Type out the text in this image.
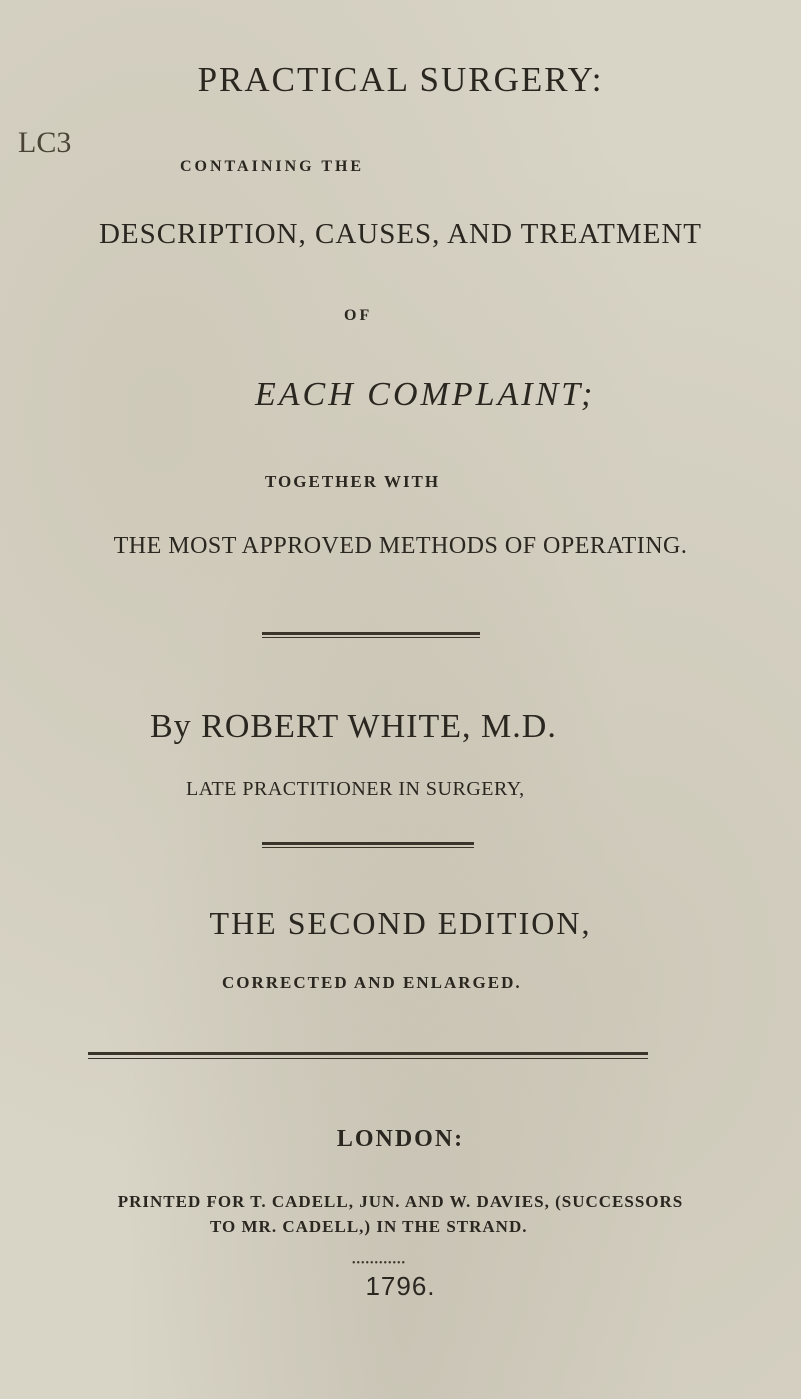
LC3
PRACTICAL SURGERY:
CONTAINING THE
DESCRIPTION, CAUSES, AND TREATMENT
OF
EACH COMPLAINT;
TOGETHER WITH
THE MOST APPROVED METHODS OF OPERATING.
By ROBERT WHITE, M.D.
LATE PRACTITIONER IN SURGERY,
THE SECOND EDITION,
CORRECTED AND ENLARGED.
LONDON:
PRINTED FOR T. CADELL, JUN. AND W. DAVIES, (SUCCESSORS
TO MR. CADELL,) IN THE STRAND.
••••••••••••
1796.
